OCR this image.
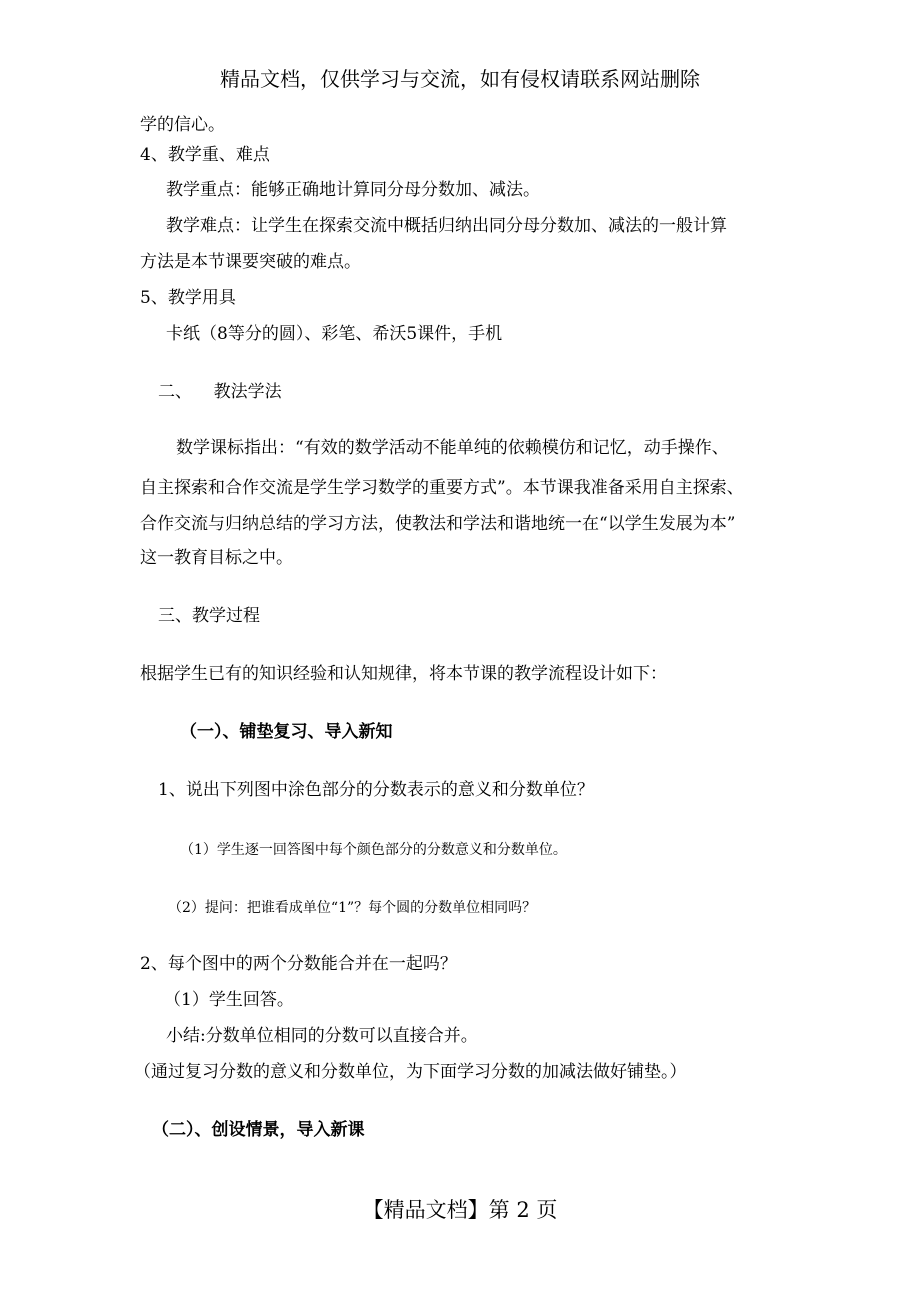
精品文档，仅供学习与交流，如有侵权请联系网站删除
学的信心。
4、教学重、难点
教学重点：能够正确地计算同分母分数加、减法。
教学难点：让学生在探索交流中概括归纳出同分母分数加、减法的一般计算
方法是本节课要突破的难点。
5、教学用具
卡纸（8等分的圆）、彩笔、希沃5课件，手机
二、    教法学法
数学课标指出：“有效的数学活动不能单纯的依赖模仿和记忆，动手操作、
自主探索和合作交流是学生学习数学的重要方式”。本节课我准备采用自主探索、
合作交流与归纳总结的学习方法，使教法和学法和谐地统一在“以学生发展为本”
这一教育目标之中。
三、教学过程
根据学生已有的知识经验和认知规律，将本节课的教学流程设计如下：
（一）、铺垫复习、导入新知
1、说出下列图中涂色部分的分数表示的意义和分数单位？
（1）学生逐一回答图中每个颜色部分的分数意义和分数单位。
（2）提问：把谁看成单位“1”？每个圆的分数单位相同吗？
2、每个图中的两个分数能合并在一起吗？
（1）学生回答。
小结:分数单位相同的分数可以直接合并。
（通过复习分数的意义和分数单位，为下面学习分数的加减法做好铺垫。）
（二）、创设情景，导入新课
【精品文档】第 2 页
